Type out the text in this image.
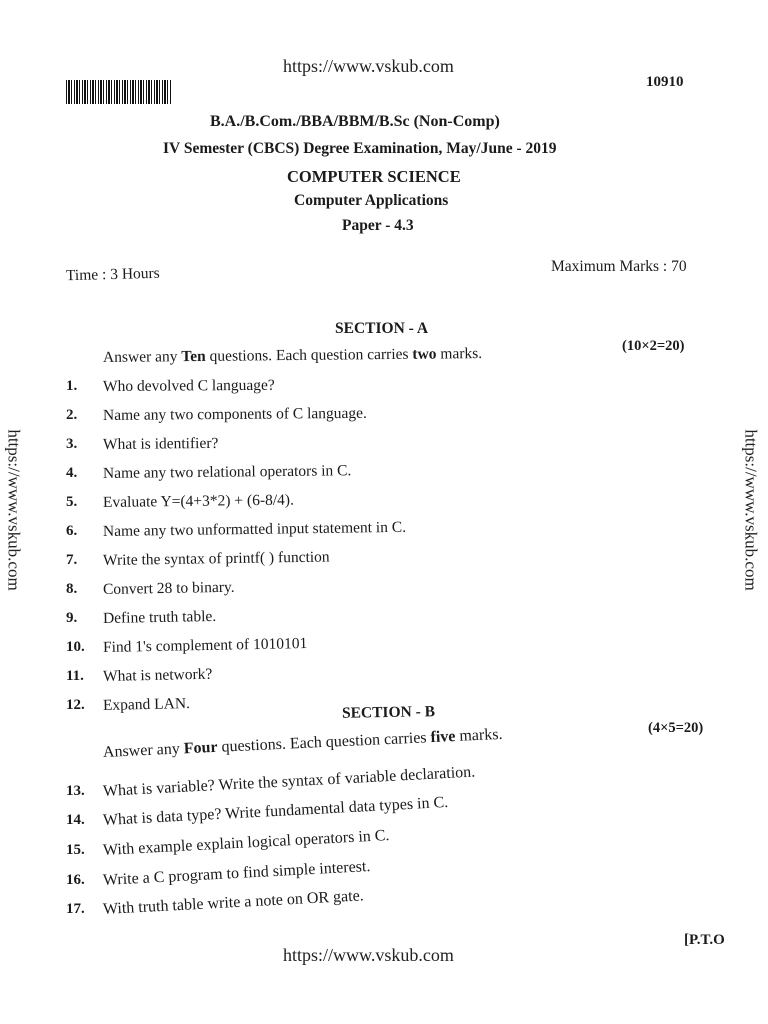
https://www.vskub.com
10910
B.A./B.Com./BBA/BBM/B.Sc (Non-Comp)
IV Semester (CBCS) Degree Examination, May/June - 2019
COMPUTER SCIENCE
Computer Applications
Paper - 4.3
Time : 3 Hours	Maximum Marks : 70
SECTION - A
(10×2=20)
Answer any Ten questions. Each question carries two marks.
1. Who devolved C language?
2. Name any two components of C language.
3. What is identifier?
4. Name any two relational operators in C.
5. Evaluate Y=(4+3*2) + (6-8/4).
6. Name any two unformatted input statement in C.
7. Write the syntax of printf( ) function
8. Convert 28 to binary.
9. Define truth table.
10. Find 1's complement of 1010101
11. What is network?
12. Expand LAN.	SECTION - B
(4×5=20)
Answer any Four questions. Each question carries five marks.
13. What is variable? Write the syntax of variable declaration.
14. What is data type? Write fundamental data types in C.
15. With example explain logical operators in C.
16. Write a C program to find simple interest.
17. With truth table write a note on OR gate.
https://www.vskub.com	https://www.vskub.com
https://www.vskub.com
[P.T.O
